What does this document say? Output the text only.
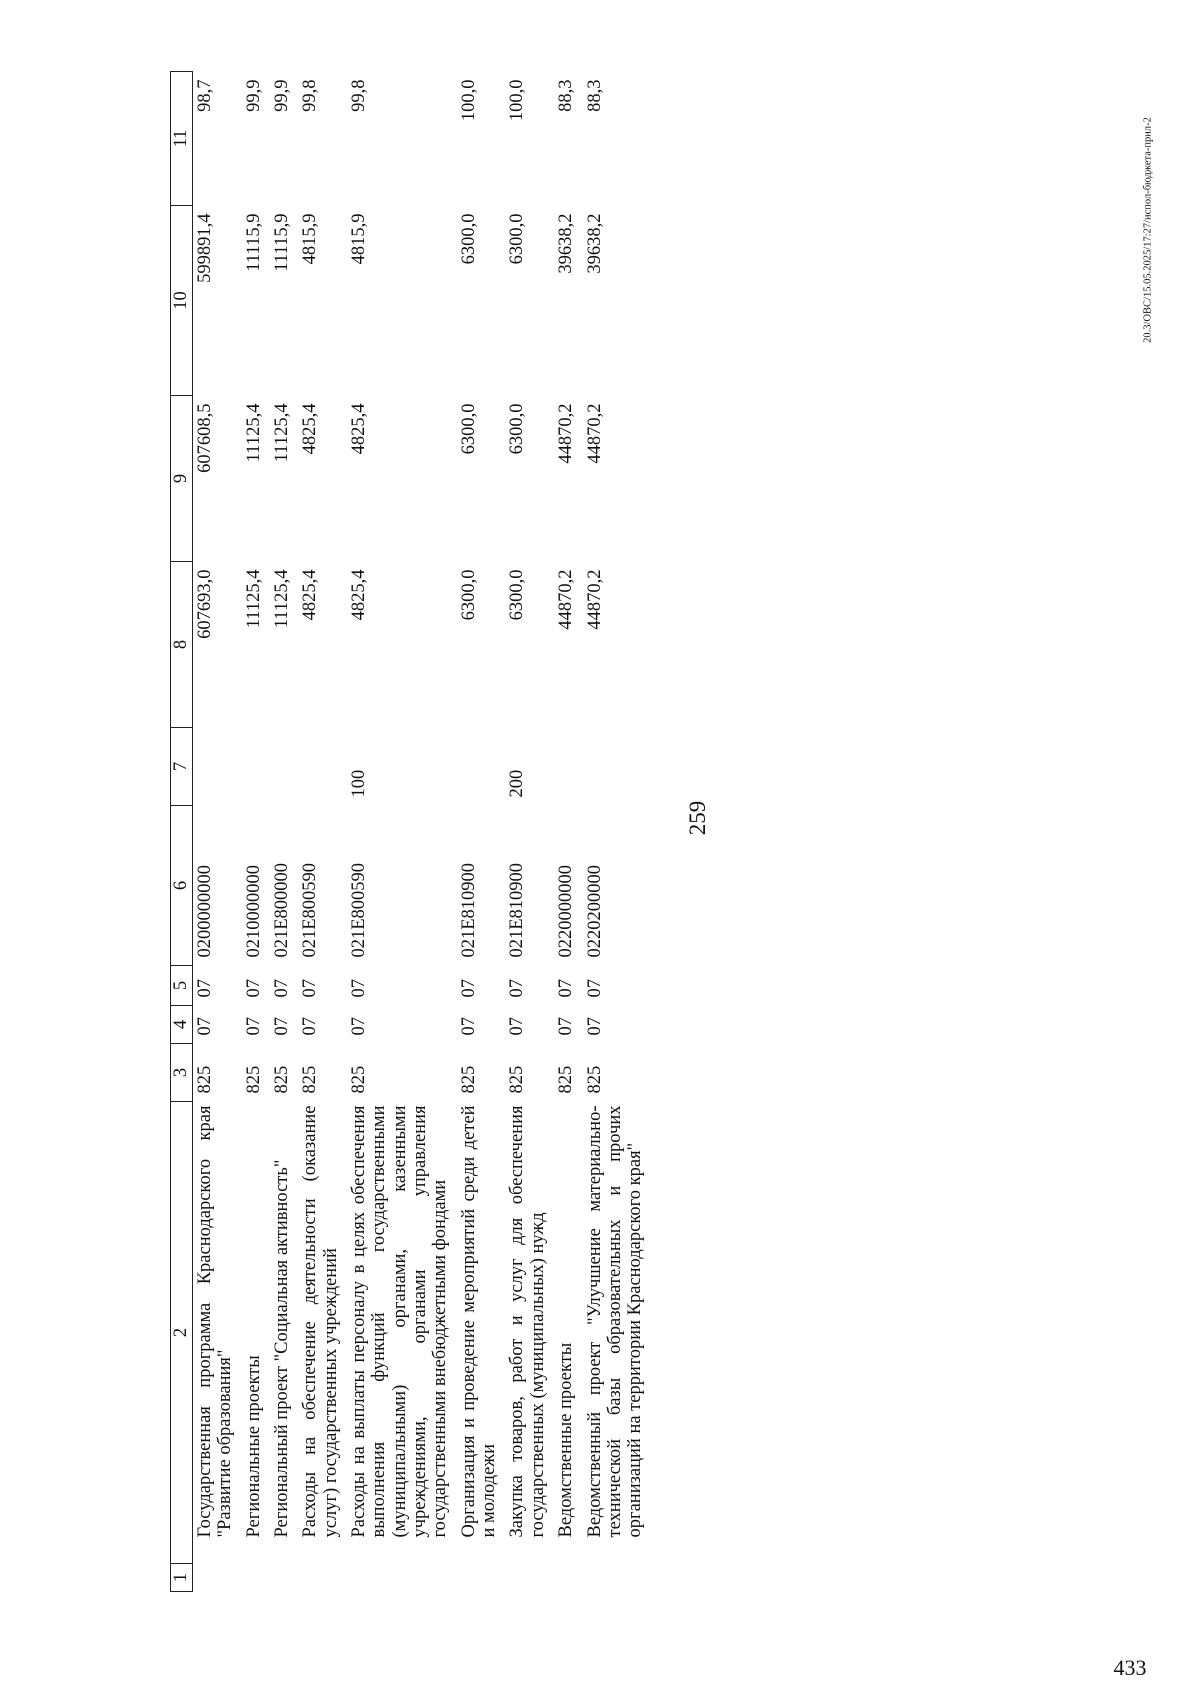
259
20.3/ОВС/15.05.2025/17:27/испол-бюджета-прил-2
433
1	2	3	4	5	6	7	8	9	10	11
	Государственная программа Краснодарского края "Развитие образования"	825	07	07	0200000000		607693,0	607608,5	599891,4	98,7
	Региональные проекты	825	07	07	0210000000		11125,4	11125,4	11115,9	99,9
	Региональный проект "Социальная активность"	825	07	07	021Е800000		11125,4	11125,4	11115,9	99,9
	Расходы на обеспечение деятельности (оказание услуг) государственных учреждений	825	07	07	021Е800590		4825,4	4825,4	4815,9	99,8
	Расходы на выплаты персоналу в целях обеспечения выполнения функций государственными (муниципальными) органами, казенными учреждениями, органами управления государственными внебюджетными фондами	825	07	07	021Е800590	100	4825,4	4825,4	4815,9	99,8
	Организация и проведение мероприятий среди детей и молодежи	825	07	07	021Е810900		6300,0	6300,0	6300,0	100,0
	Закупка товаров, работ и услуг для обеспечения государственных (муниципальных) нужд	825	07	07	021Е810900	200	6300,0	6300,0	6300,0	100,0
	Ведомственные проекты	825	07	07	0220000000		44870,2	44870,2	39638,2	88,3
	Ведомственный проект "Улучшение материально-технической базы образовательных и прочих организаций на территории Краснодарского края"	825	07	07	0220200000		44870,2	44870,2	39638,2	88,3
